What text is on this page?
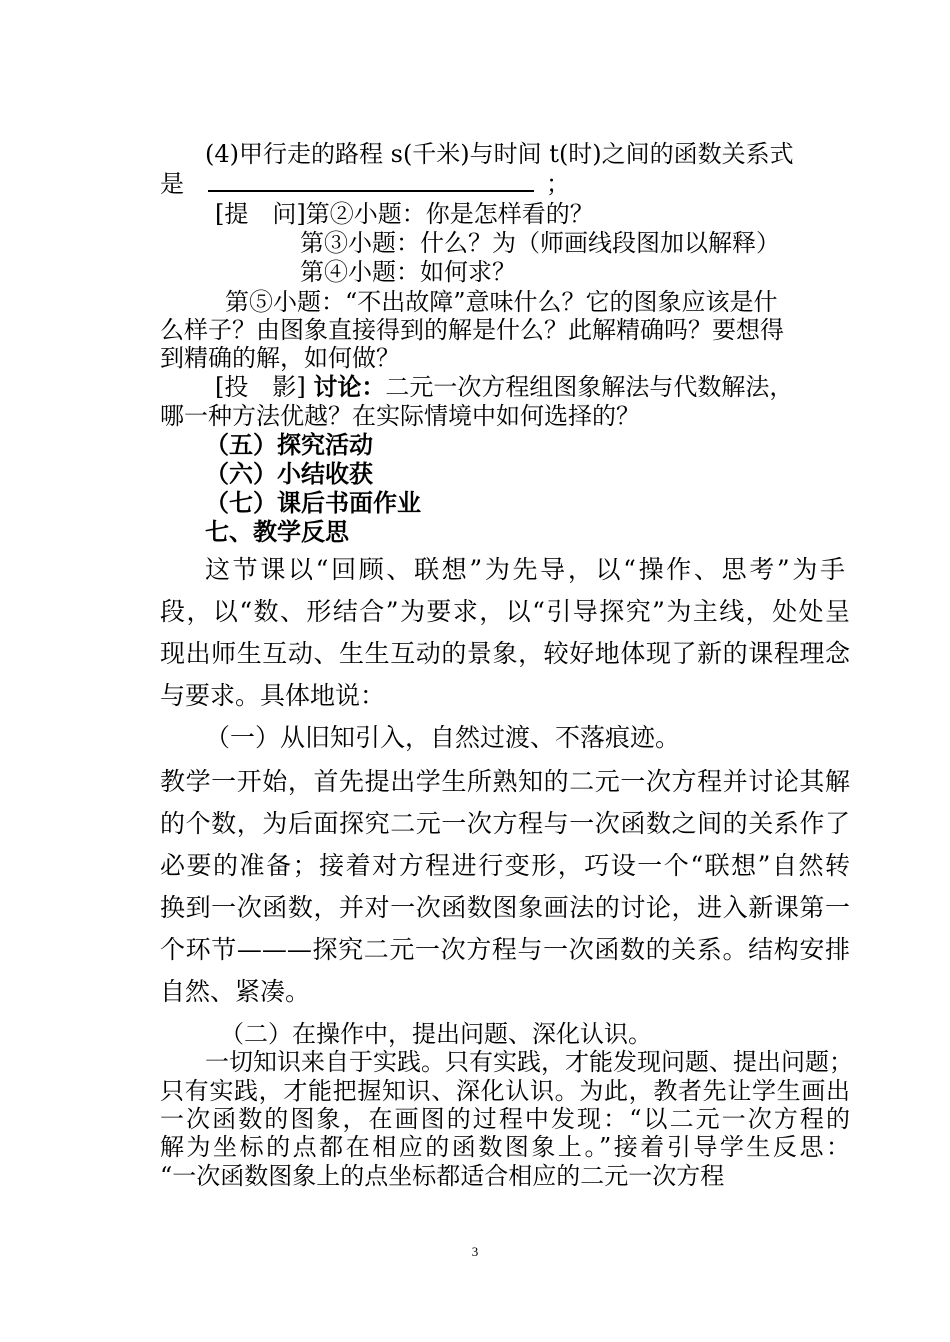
(4)甲行走的路程 s(千米)与时间 t(时)之间的函数关系式
是	；
[提　问]第②小题：你是怎样看的？
第③小题：什么？为（师画线段图加以解释）
第④小题：如何求？
第⑤小题：“不出故障”意味什么？它的图象应该是什
么样子？由图象直接得到的解是什么？此解精确吗？要想得
到精确的解，如何做？
[投　影] 讨论：二元一次方程组图象解法与代数解法，
哪一种方法优越？在实际情境中如何选择的？
（五）探究活动
（六）小结收获
（七）课后书面作业
七、教学反思
这节课以“回顾、联想”为先导，以“操作、思考”为手
段，以“数、形结合”为要求，以“引导探究”为主线，处处呈
现出师生互动、生生互动的景象，较好地体现了新的课程理念
与要求。具体地说：
（一）从旧知引入，自然过渡、不落痕迹。
教学一开始，首先提出学生所熟知的二元一次方程并讨论其解
的个数，为后面探究二元一次方程与一次函数之间的关系作了
必要的准备；接着对方程进行变形，巧设一个“联想”自然转
换到一次函数，并对一次函数图象画法的讨论，进入新课第一
个环节———探究二元一次方程与一次函数的关系。结构安排
自然、紧凑。
（二）在操作中，提出问题、深化认识。
一切知识来自于实践。只有实践，才能发现问题、提出问题；
只有实践，才能把握知识、深化认识。为此，教者先让学生画出
一次函数的图象，在画图的过程中发现：“以二元一次方程的
解为坐标的点都在相应的函数图象上。”接着引导学生反思：
“一次函数图象上的点坐标都适合相应的二元一次方程
3
